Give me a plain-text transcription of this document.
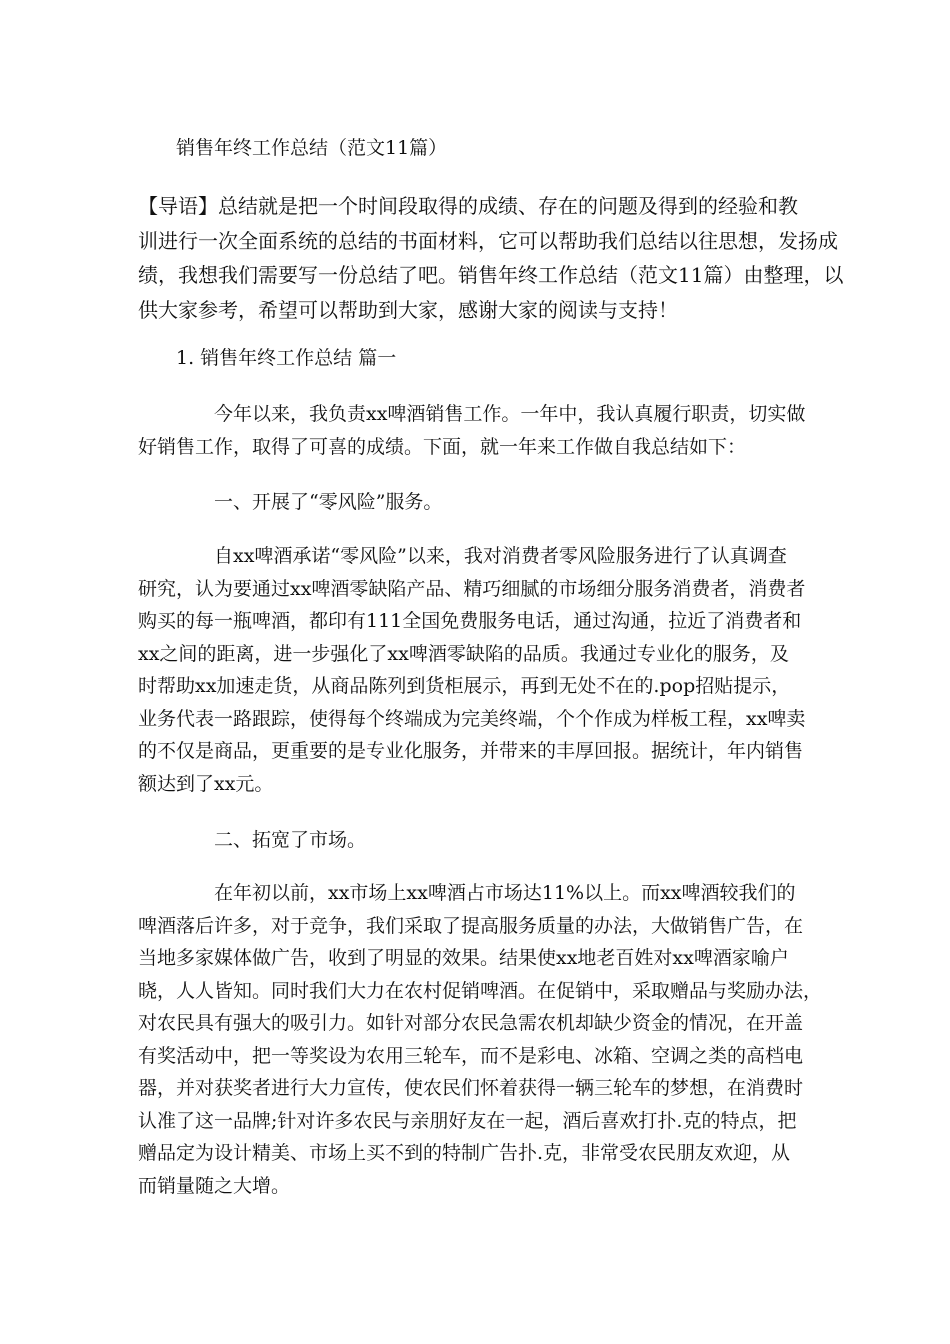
销售年终工作总结（范文11篇）
【导语】总结就是把一个时间段取得的成绩、存在的问题及得到的经验和教
训进行一次全面系统的总结的书面材料，它可以帮助我们总结以往思想，发扬成
绩，我想我们需要写一份总结了吧。销售年终工作总结（范文11篇）由整理，以
供大家参考，希望可以帮助到大家，感谢大家的阅读与支持！
1. 销售年终工作总结 篇一
今年以来，我负责xx啤酒销售工作。一年中，我认真履行职责，切实做
好销售工作，取得了可喜的成绩。下面，就一年来工作做自我总结如下：
一、开展了“零风险”服务。
自xx啤酒承诺“零风险”以来，我对消费者零风险服务进行了认真调查
研究，认为要通过xx啤酒零缺陷产品、精巧细腻的市场细分服务消费者，消费者
购买的每一瓶啤酒，都印有111全国免费服务电话，通过沟通，拉近了消费者和
xx之间的距离，进一步强化了xx啤酒零缺陷的品质。我通过专业化的服务，及
时帮助xx加速走货，从商品陈列到货柜展示，再到无处不在的.pop招贴提示，
业务代表一路跟踪，使得每个终端成为完美终端，个个作成为样板工程，xx啤卖
的不仅是商品，更重要的是专业化服务，并带来的丰厚回报。据统计，年内销售
额达到了xx元。
二、拓宽了市场。
在年初以前，xx市场上xx啤酒占市场达11%以上。而xx啤酒较我们的
啤酒落后许多，对于竞争，我们采取了提高服务质量的办法，大做销售广告，在
当地多家媒体做广告，收到了明显的效果。结果使xx地老百姓对xx啤酒家喻户
晓，人人皆知。同时我们大力在农村促销啤酒。在促销中，采取赠品与奖励办法，
对农民具有强大的吸引力。如针对部分农民急需农机却缺少资金的情况，在开盖
有奖活动中，把一等奖设为农用三轮车，而不是彩电、冰箱、空调之类的高档电
器，并对获奖者进行大力宣传，使农民们怀着获得一辆三轮车的梦想，在消费时
认准了这一品牌;针对许多农民与亲朋好友在一起，酒后喜欢打扑.克的特点，把
赠品定为设计精美、市场上买不到的特制广告扑.克，非常受农民朋友欢迎，从
而销量随之大增。
